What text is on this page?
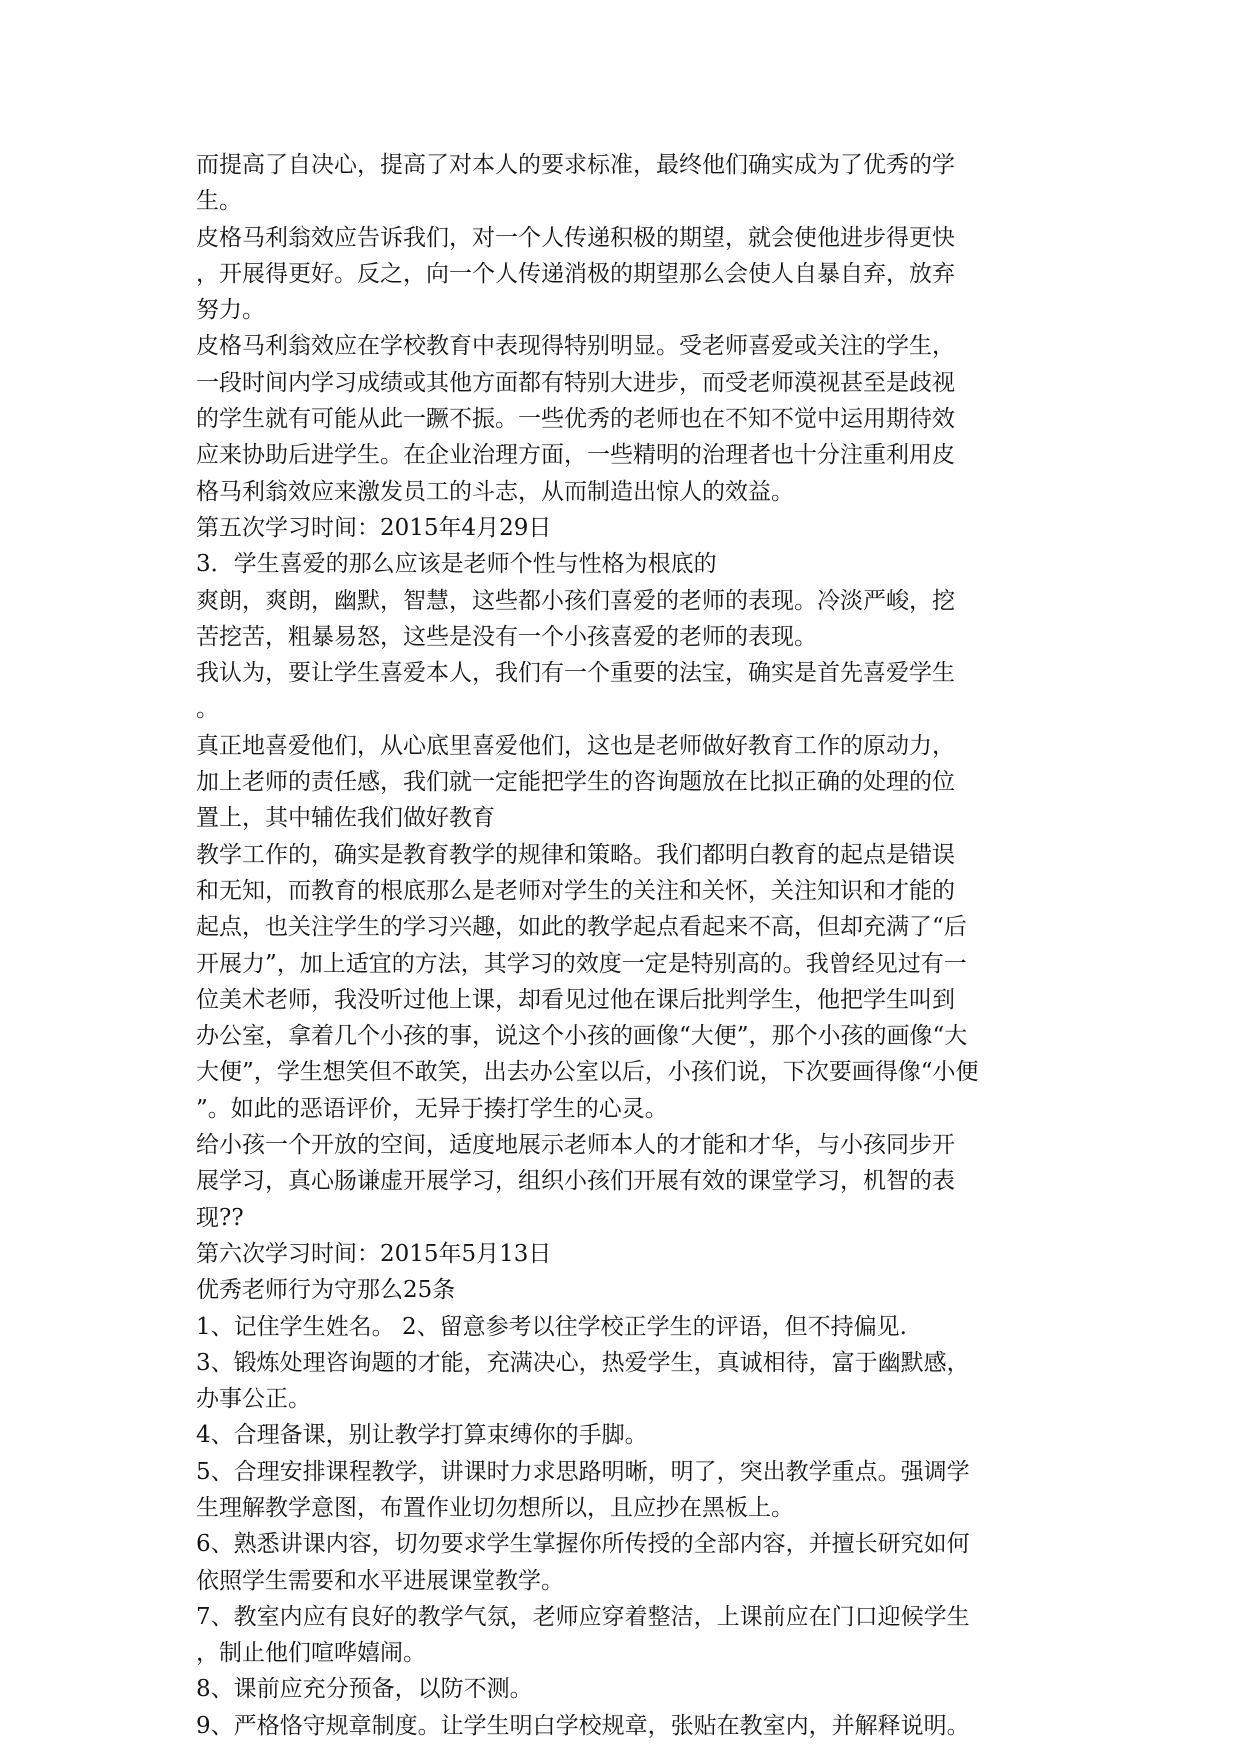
而提高了自决心，提高了对本人的要求标准，最终他们确实成为了优秀的学
生。
皮格马利翁效应告诉我们，对一个人传递积极的期望，就会使他进步得更快
，开展得更好。反之，向一个人传递消极的期望那么会使人自暴自弃，放弃
努力。
皮格马利翁效应在学校教育中表现得特别明显。受老师喜爱或关注的学生，
一段时间内学习成绩或其他方面都有特别大进步，而受老师漠视甚至是歧视
的学生就有可能从此一蹶不振。一些优秀的老师也在不知不觉中运用期待效
应来协助后进学生。在企业治理方面，一些精明的治理者也十分注重利用皮
格马利翁效应来激发员工的斗志，从而制造出惊人的效益。
第五次学习时间：2015年4月29日
3．学生喜爱的那么应该是老师个性与性格为根底的
爽朗，爽朗，幽默，智慧，这些都小孩们喜爱的老师的表现。冷淡严峻，挖
苦挖苦，粗暴易怒，这些是没有一个小孩喜爱的老师的表现。
我认为，要让学生喜爱本人，我们有一个重要的法宝，确实是首先喜爱学生
。
真正地喜爱他们，从心底里喜爱他们，这也是老师做好教育工作的原动力，
加上老师的责任感，我们就一定能把学生的咨询题放在比拟正确的处理的位
置上，其中辅佐我们做好教育
教学工作的，确实是教育教学的规律和策略。我们都明白教育的起点是错误
和无知，而教育的根底那么是老师对学生的关注和关怀，关注知识和才能的
起点，也关注学生的学习兴趣，如此的教学起点看起来不高，但却充满了“后
开展力”，加上适宜的方法，其学习的效度一定是特别高的。我曾经见过有一
位美术老师，我没听过他上课，却看见过他在课后批判学生，他把学生叫到
办公室，拿着几个小孩的事，说这个小孩的画像“大便”，那个小孩的画像“大
大便”，学生想笑但不敢笑，出去办公室以后，小孩们说，下次要画得像“小便
”。如此的恶语评价，无异于揍打学生的心灵。
给小孩一个开放的空间，适度地展示老师本人的才能和才华，与小孩同步开
展学习，真心肠谦虚开展学习，组织小孩们开展有效的课堂学习，机智的表
现??
第六次学习时间：2015年5月13日
优秀老师行为守那么25条
1、记住学生姓名。 2、留意参考以往学校正学生的评语，但不持偏见.
3、锻炼处理咨询题的才能，充满决心，热爱学生，真诚相待，富于幽默感，
办事公正。
4、合理备课，别让教学打算束缚你的手脚。
5、合理安排课程教学，讲课时力求思路明晰，明了，突出教学重点。强调学
生理解教学意图，布置作业切勿想所以，且应抄在黑板上。
6、熟悉讲课内容，切勿要求学生掌握你所传授的全部内容，并擅长研究如何
依照学生需要和水平进展课堂教学。
7、教室内应有良好的教学气氛，老师应穿着整洁，上课前应在门口迎候学生
，制止他们喧哗嬉闹。
8、课前应充分预备，以防不测。
9、严格恪守规章制度。让学生明白学校规章，张贴在教室内，并解释说明。
